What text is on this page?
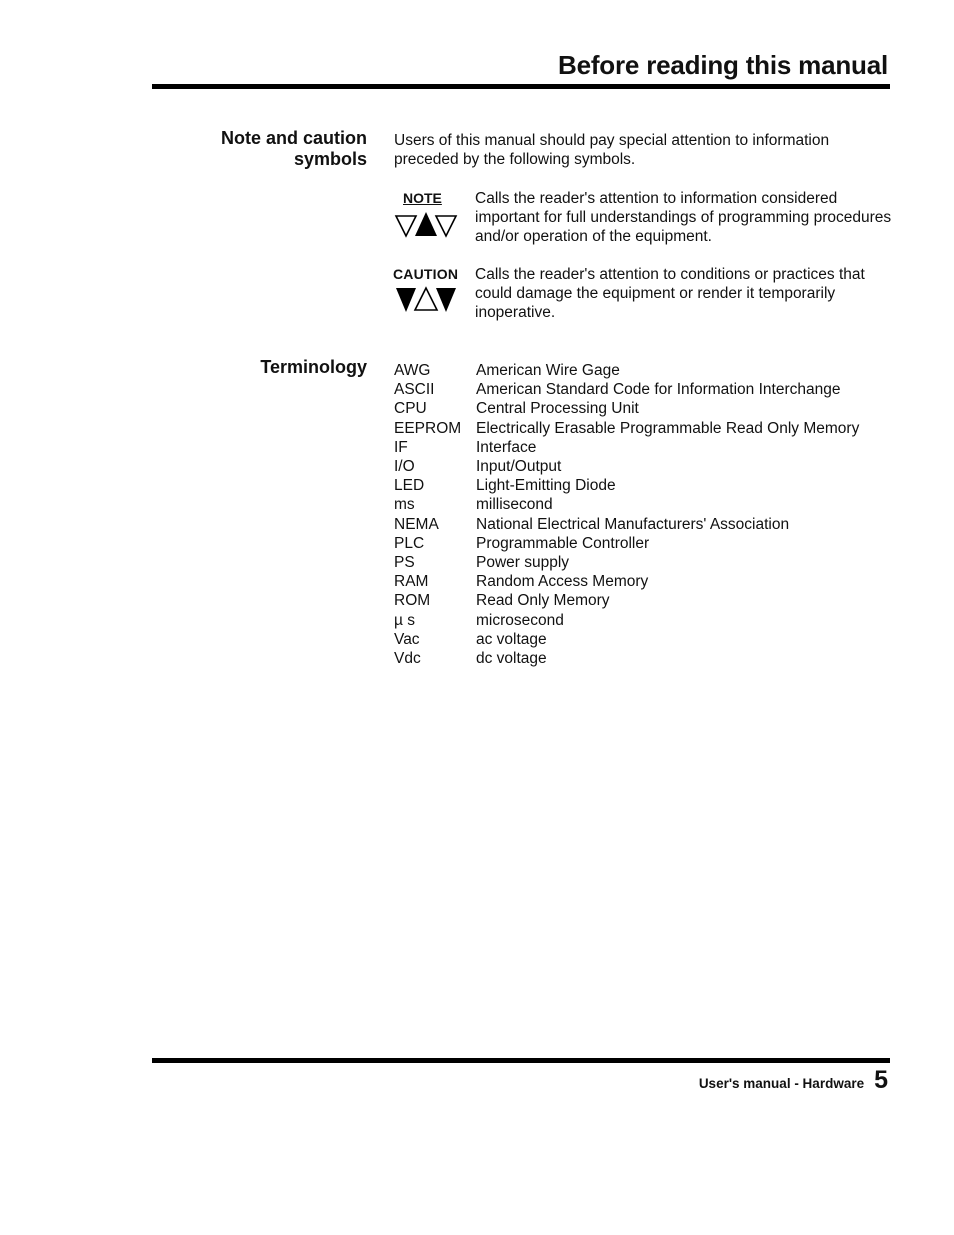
Before reading this manual
Note and caution
symbols
Users of this manual should pay special attention to information preceded by the following symbols.
NOTE	Calls the reader's attention to information considered important for full understandings of programming procedures and/or operation of the equipment.
CAUTION Calls the reader's attention to conditions or practices that could damage the equipment or render it temporarily inoperative.
Terminology AWG	American Wire Gage
ASCII	American Standard Code for Information Interchange
CPU	Central Processing Unit
EEPROM Electrically Erasable Programmable Read Only Memory
IF	Interface
I/O	Input/Output
LED	Light-Emitting Diode
ms	millisecond
NEMA	National Electrical Manufacturers' Association
PLC	Programmable Controller
PS	Power supply
RAM	Random Access Memory
ROM	Read Only Memory
µ s	microsecond
Vac	ac voltage
Vdc	dc voltage
User's manual - Hardware 5
